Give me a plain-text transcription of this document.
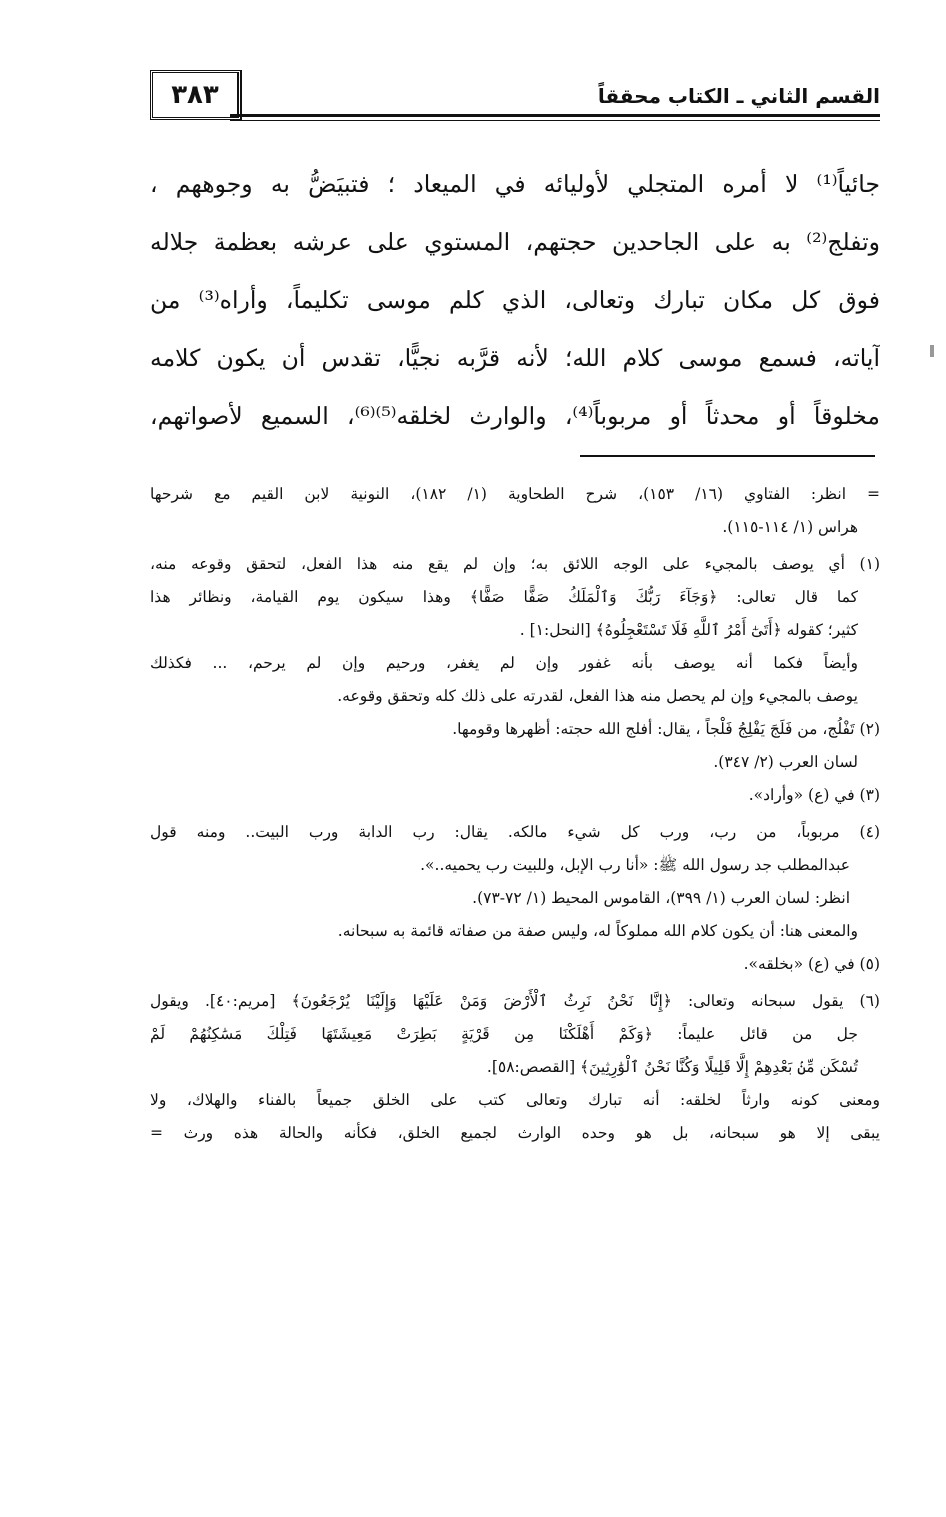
٣٨٣	القسم الثاني ـ الكتاب محققاً
جائياً⁽¹⁾ لا أمره المتجلي لأوليائه في الميعاد ؛ فتبيَضُّ به وجوههم ،
وتفلج⁽²⁾ به على الجاحدين حجتهم، المستوي على عرشه بعظمة جلاله
فوق كل مكان تبارك وتعالى، الذي كلم موسى تكليماً، وأراه⁽³⁾ من
آياته، فسمع موسى كلام الله؛ لأنه قرَّبه نجيًّا، تقدس أن يكون كلامه
مخلوقاً أو محدثاً أو مربوباً⁽⁴⁾، والوارث لخلقه⁽⁵⁾⁽⁶⁾، السميع لأصواتهم،
= انظر: الفتاوي (١٦/ ١٥٣)، شرح الطحاوية (١/ ١٨٢)، النونية لابن القيم مع شرحها
هراس (١/ ١١٤-١١٥).
(١) أي يوصف بالمجيء على الوجه اللائق به؛ وإن لم يقع منه هذا الفعل، لتحقق وقوعه منه،
كما قال تعالى: ﴿وَجَآءَ رَبُّكَ وَٱلْمَلَكُ صَفًّا صَفًّا﴾ وهذا سيكون يوم القيامة، ونظائر هذا
كثير؛ كقوله ﴿أَتَىٰٓ أَمْرُ ٱللَّهِ فَلَا تَسْتَعْجِلُوهُ﴾ [النحل:١] .
وأيضاً فكما أنه يوصف بأنه غفور وإن لم يغفر، ورحيم وإن لم يرحم، ... فكذلك
يوصف بالمجيء وإن لم يحصل منه هذا الفعل، لقدرته على ذلك كله وتحقق وقوعه.
(٢) تَفْلُج، من فَلَجَ يَفْلِجُ فَلْجاً ، يقال: أفلج الله حجته: أظهرها وقومها.
لسان العرب (٢/ ٣٤٧).
(٣) في (ع) «وأراد».
(٤) مربوباً، من رب، ورب كل شيء مالكه. يقال: رب الدابة ورب البيت.. ومنه قول
عبدالمطلب جد رسول الله ﷺ: «أنا رب الإبل، وللبيت رب يحميه..».
انظر: لسان العرب (١/ ٣٩٩)، القاموس المحيط (١/ ٧٢-٧٣).
والمعنى هنا: أن يكون كلام الله مملوكاً له، وليس صفة من صفاته قائمة به سبحانه.
(٥) في (ع) «بخلقه».
(٦) يقول سبحانه وتعالى: ﴿إِنَّا نَحْنُ نَرِثُ ٱلْأَرْضَ وَمَنْ عَلَيْهَا وَإِلَيْنَا يُرْجَعُونَ﴾ [مريم:٤٠]. ويقول
جل من قائل عليماً: ﴿وَكَمْ أَهْلَكْنَا مِن قَرْيَةٍ بَطِرَتْ مَعِيشَتَهَا فَتِلْكَ مَسَٰكِنُهُمْ لَمْ
تُسْكَن مِّنۢ بَعْدِهِمْ إِلَّا قَلِيلًا وَكُنَّا نَحْنُ ٱلْوَٰرِثِينَ﴾ [القصص:٥٨].
ومعنى كونه وارثاً لخلقه: أنه تبارك وتعالى كتب على الخلق جميعاً بالفناء والهلاك، ولا
يبقى إلا هو سبحانه، بل هو وحده الوارث لجميع الخلق، فكأنه والحالة هذه ورث =
